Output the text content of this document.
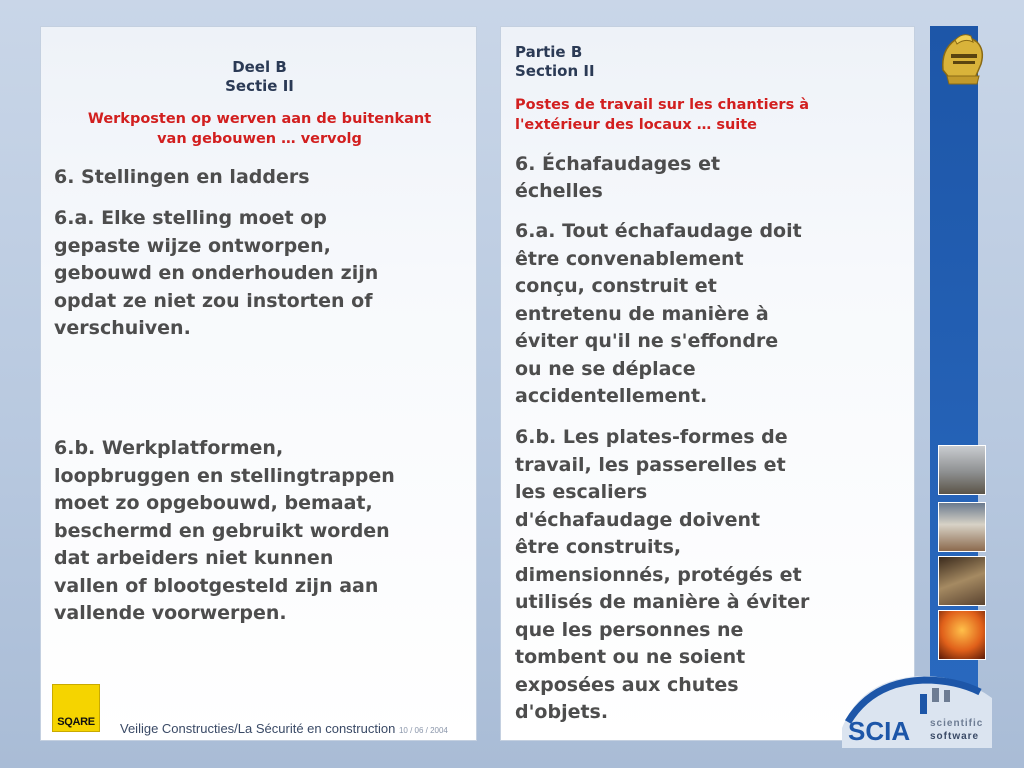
Deel B
Sectie II
Werkposten op werven aan de buitenkant
van gebouwen … vervolg
6. Stellingen en ladders
6.a. Elke stelling moet op
gepaste wijze ontworpen,
gebouwd en onderhouden zijn
opdat ze niet zou instorten of
verschuiven.
6.b. Werkplatformen,
loopbruggen en stellingtrappen
moet zo opgebouwd, bemaat,
beschermd en gebruikt worden
dat arbeiders niet kunnen
vallen of blootgesteld zijn aan
vallende voorwerpen.
Partie B
Section II
Postes de travail sur les chantiers à
l'extérieur des locaux … suite
6. Échafaudages et
échelles
6.a. Tout échafaudage doit
être convenablement
conçu, construit et
entretenu de manière à
éviter qu'il ne s'effondre
ou ne se déplace
accidentellement.
6.b. Les plates-formes de
travail, les passerelles et
les escaliers
d'échafaudage doivent
être construits,
dimensionnés, protégés et
utilisés de manière à éviter
que les personnes ne
tombent ou ne soient
exposées aux chutes
d'objets.
SQARE	Veilige Constructies/La Sécurité en construction 10 / 06 / 2004	SCIA scientific
software
